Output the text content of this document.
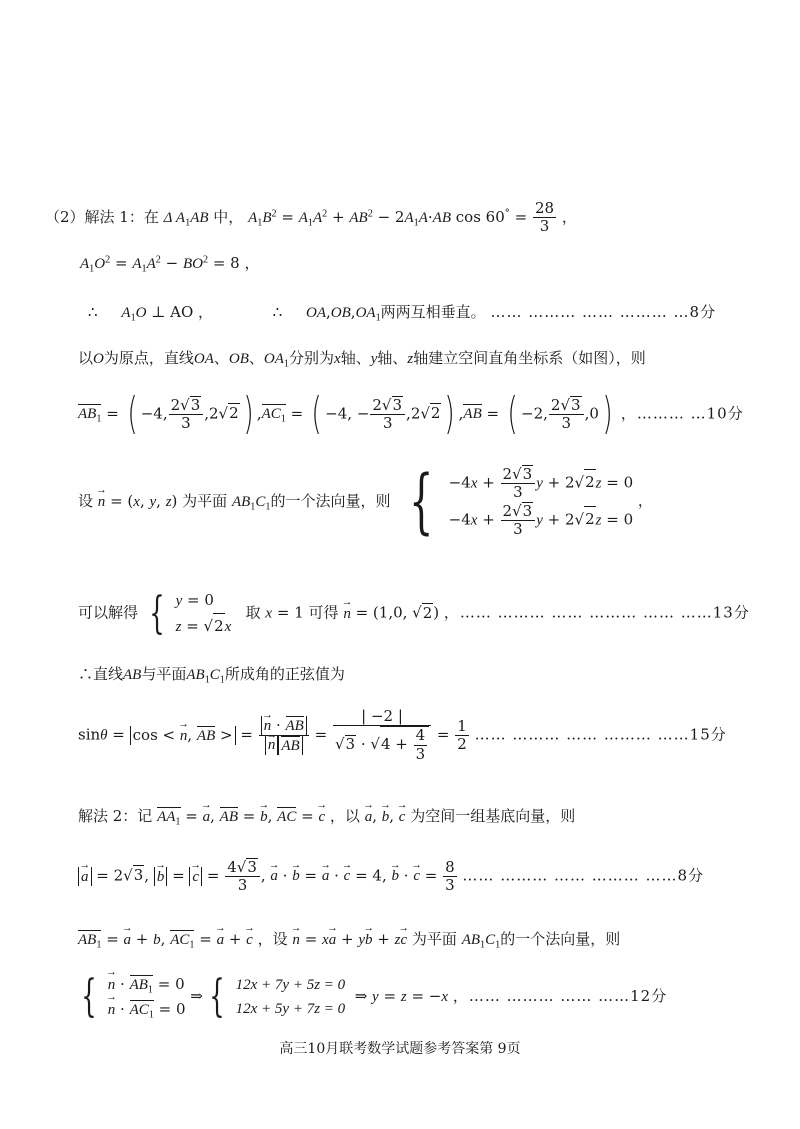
（2）解法 1：在 Δ $A_1AB$ 中， $A_1B^2 = A_1A^2 + AB^2 - 2A_1A\cdot AB$ $\cos 60^\circ = \frac{28}{3}$ ，
$A_1O^2 = A_1A^2 - BO^2 = 8$ ，
∴ $A_1O$ ⊥ AO ，	∴ $OA,OB,OA_1$两两互相垂直。 …… ……… …… ……… …8分
以O为原点，直线OA、OB、$OA_1$分别为x轴、y轴、z轴建立空间直角坐标系（如图），则
$AB_1$ = ( −4, $\frac{2√3}{3} ,2√2$ ) $,AC_1$ = ( −4, − $\frac{2√3}{3} ,2√2$ ) ,AB = ( −2, $\frac{2√3}{3} ,0$) ，……… …10分
设 → n = (x, y, z) 为平面 $AB_1C_1$的一个法向量，则 { $-4x + \frac{2√3}{3}$ y + 2√2z = 0
$-4x + \frac{2√3}{3}$ y + 2√2z = 0
，
可以解得 { y = 0
z = √2x
取 x = 1 可得 → n = (1,0, √2) ，…… ……… …… ……… …… ……13分
∴直线AB与平面$AB_1C_1$所成角的正弦值为
sinθ = cos < → n, AB > = → n · AB
→ n AB = $\frac{| -2 |}{√3 \cdot √4 + \frac{4}{3}} = \frac{1}{2}$ …… ……… …… ……… ……15分
解法 2：记 $AA_1$ = → a, AB = → b, AC = → c ，以 → a, → b, → c 为空间一组基底向量，则
→ a = 2√3, → b = → $c = \frac{4√3}{3}$ , → a · → b = → a · → c = 4, → b · → $c = \frac{8}{3}$ …… ……… …… ……… ……8分
$AB_1$ = → a + b, $AC_1$ = → a + → c ，设 → n = x→ a + y→ b + z→ c 为平面 $AB_1C_1$的一个法向量，则
{ → $n \cdot AB_1 = 0$
→ $n \cdot AC_1 = 0$
⇒ { 12x + 7y + 5z = 0
12x + 5y + 7z = 0
⇒ y = z = −x ，…… ……… …… ……12分
高三10月联考数学试题参考答案第 9页
